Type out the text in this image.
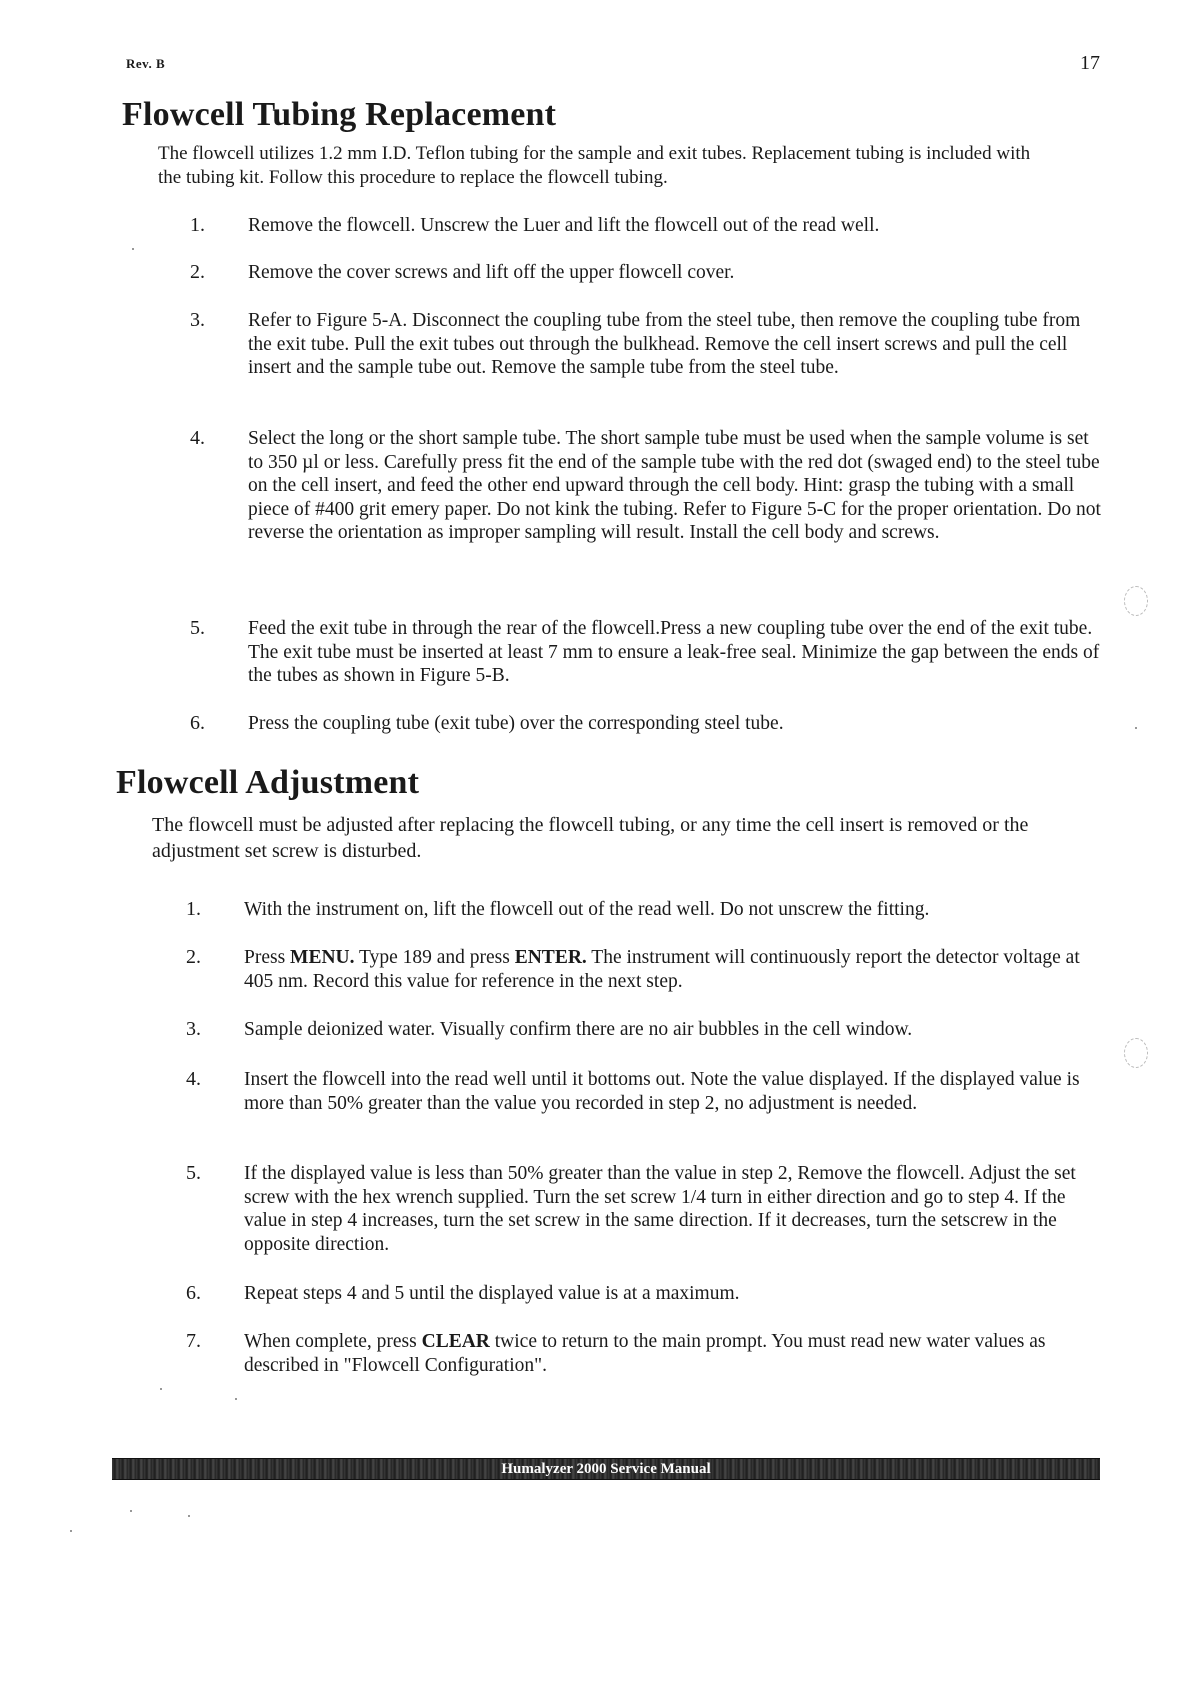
Rev. B	17
Flowcell Tubing Replacement

The flowcell utilizes 1.2 mm I.D. Teflon tubing for the sample and exit tubes. Replacement tubing is included with the tubing kit. Follow this procedure to replace the flowcell tubing.

1. Remove the flowcell. Unscrew the Luer and lift the flowcell out of the read well.
2. Remove the cover screws and lift off the upper flowcell cover.
3. Refer to Figure 5-A. Disconnect the coupling tube from the steel tube, then remove the coupling tube from the exit tube. Pull the exit tubes out through the bulkhead. Remove the cell insert screws and pull the cell insert and the sample tube out. Remove the sample tube from the steel tube.
4. Select the long or the short sample tube. The short sample tube must be used when the sample volume is set to 350 µl or less. Carefully press fit the end of the sample tube with the red dot (swaged end) to the steel tube on the cell insert, and feed the other end upward through the cell body. Hint: grasp the tubing with a small piece of #400 grit emery paper. Do not kink the tubing. Refer to Figure 5-C for the proper orientation. Do not reverse the orientation as improper sampling will result. Install the cell body and screws.
5. Feed the exit tube in through the rear of the flowcell.Press a new coupling tube over the end of the exit tube. The exit tube must be inserted at least 7 mm to ensure a leak-free seal. Minimize the gap between the ends of the tubes as shown in Figure 5-B.
6. Press the coupling tube (exit tube) over the corresponding steel tube.
Flowcell Adjustment

The flowcell must be adjusted after replacing the flowcell tubing, or any time the cell insert is removed or the adjustment set screw is disturbed.

1. With the instrument on, lift the flowcell out of the read well. Do not unscrew the fitting.
2. Press MENU. Type 189 and press ENTER. The instrument will continuously report the detector voltage at 405 nm. Record this value for reference in the next step.
3. Sample deionized water. Visually confirm there are no air bubbles in the cell window.
4. Insert the flowcell into the read well until it bottoms out. Note the value displayed. If the displayed value is more than 50% greater than the value you recorded in step 2, no adjustment is needed.
5. If the displayed value is less than 50% greater than the value in step 2, Remove the flowcell. Adjust the set screw with the hex wrench supplied. Turn the set screw 1/4 turn in either direction and go to step 4. If the value in step 4 increases, turn the set screw in the same direction. If it decreases, turn the setscrew in the opposite direction.
6. Repeat steps 4 and 5 until the displayed value is at a maximum.
7. When complete, press CLEAR twice to return to the main prompt. You must read new water values as described in "Flowcell Configuration".
Humalyzer 2000 Service Manual
